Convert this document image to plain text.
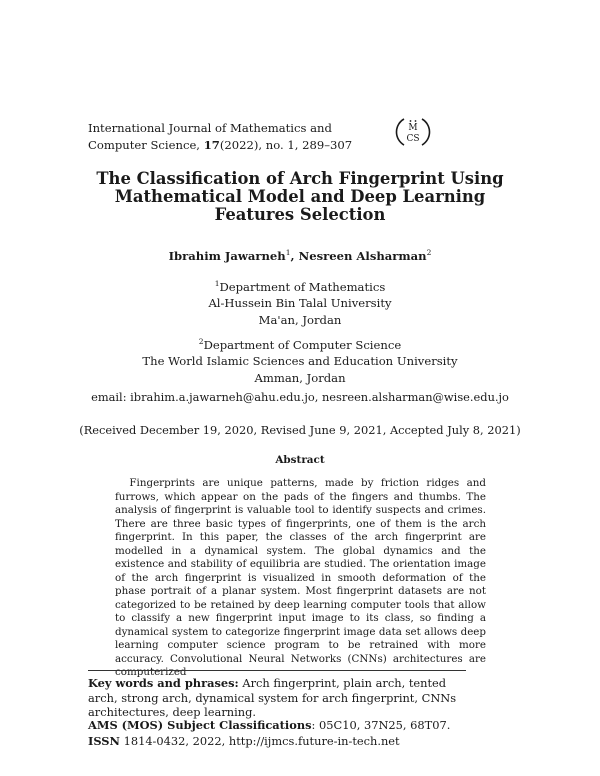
International Journal of Mathematics and
Computer Science, 17(2022), no. 1, 289–307
M
CS
The Classification of Arch Fingerprint Using
Mathematical Model and Deep Learning
Features Selection
Ibrahim Jawarneh$^1$, Nesreen Alsharman$^2$
$^1$Department of Mathematics
Al-Hussein Bin Talal University
Ma'an, Jordan
$^2$Department of Computer Science
The World Islamic Sciences and Education University
Amman, Jordan
email: ibrahim.a.jawarneh@ahu.edu.jo, nesreen.alsharman@wise.edu.jo
(Received December 19, 2020, Revised June 9, 2021, Accepted July 8, 2021)
Abstract

Fingerprints are unique patterns, made by friction ridges and furrows, which appear on the pads of the fingers and thumbs. The analysis of fingerprint is valuable tool to identify suspects and crimes. There are three basic types of fingerprints, one of them is the arch fingerprint. In this paper, the classes of the arch fingerprint are modelled in a dynamical system. The global dynamics and the existence and stability of equilibria are studied. The orientation image of the arch fingerprint is visualized in smooth deformation of the phase portrait of a planar system. Most fingerprint datasets are not categorized to be retained by deep learning computer tools that allow to classify a new fingerprint input image to its class, so finding a dynamical system to categorize fingerprint image data set allows deep learning computer science program to be retrained with more accuracy. Convolutional Neural Networks (CNNs) architectures are computerized

Key words and phrases: Arch fingerprint, plain arch, tented arch, strong arch, dynamical system for arch fingerprint, CNNs architectures, deep learning.

AMS (MOS) Subject Classifications: 05C10, 37N25, 68T07.
ISSN 1814-0432, 2022, http://ijmcs.future-in-tech.net
